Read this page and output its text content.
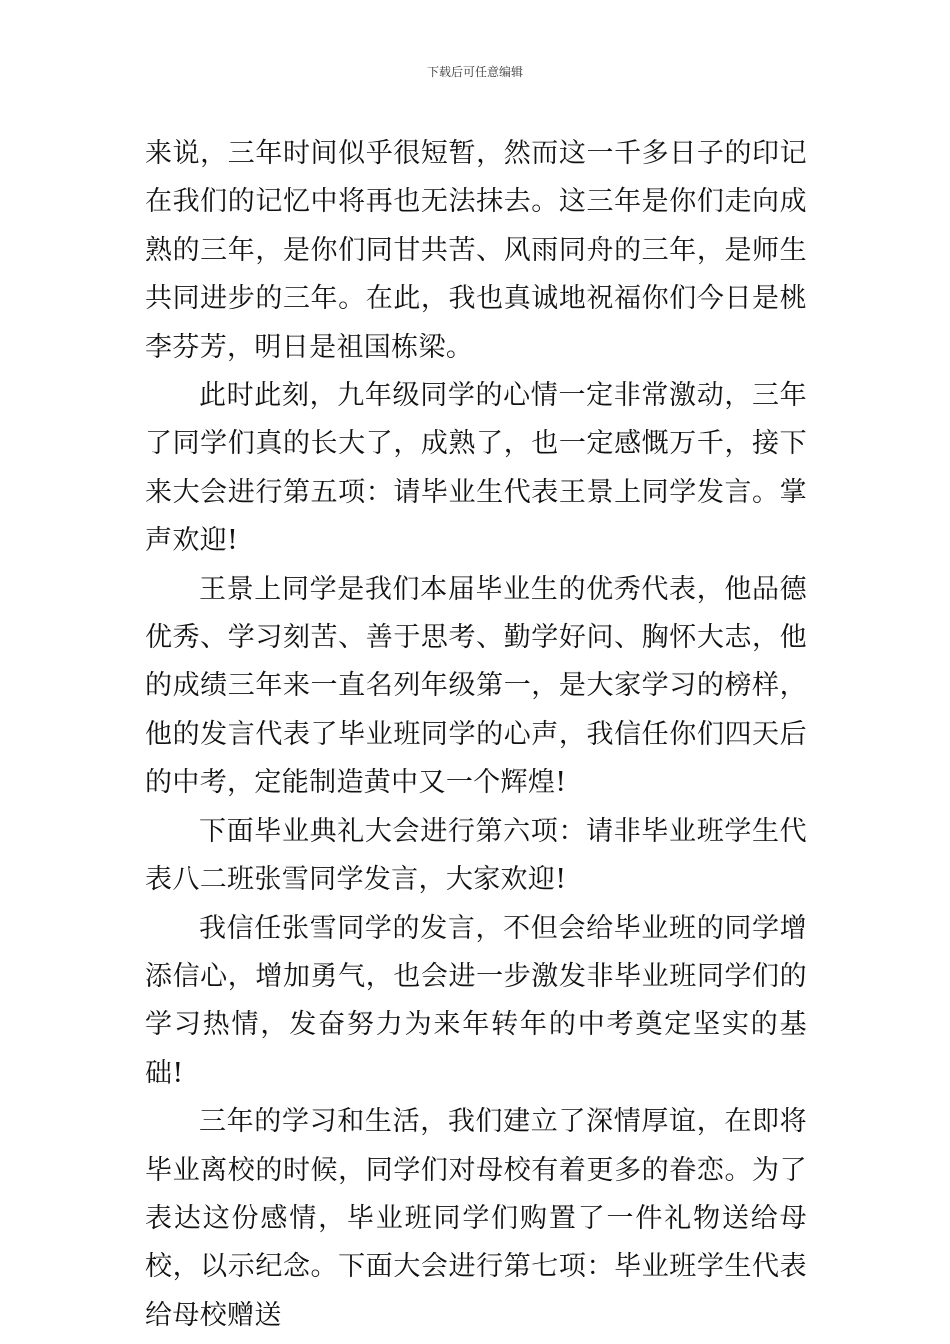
下载后可任意编辑

来说，三年时间似乎很短暂，然而这一千多日子的印记在我们的记忆中将再也无法抹去。这三年是你们走向成熟的三年，是你们同甘共苦、风雨同舟的三年，是师生共同进步的三年。在此，我也真诚地祝福你们今日是桃李芬芳，明日是祖国栋梁。

此时此刻，九年级同学的心情一定非常激动，三年了同学们真的长大了，成熟了，也一定感慨万千，接下来大会进行第五项：请毕业生代表王景上同学发言。掌声欢迎!

王景上同学是我们本届毕业生的优秀代表，他品德优秀、学习刻苦、善于思考、勤学好问、胸怀大志，他的成绩三年来一直名列年级第一，是大家学习的榜样，他的发言代表了毕业班同学的心声，我信任你们四天后的中考，定能制造黄中又一个辉煌!

下面毕业典礼大会进行第六项：请非毕业班学生代表八二班张雪同学发言，大家欢迎!

我信任张雪同学的发言，不但会给毕业班的同学增添信心，增加勇气，也会进一步激发非毕业班同学们的学习热情，发奋努力为来年转年的中考奠定坚实的基础!

三年的学习和生活，我们建立了深情厚谊，在即将毕业离校的时候，同学们对母校有着更多的眷恋。为了表达这份感情，毕业班同学们购置了一件礼物送给母校，以示纪念。下面大会进行第七项：毕业班学生代表给母校赠送
